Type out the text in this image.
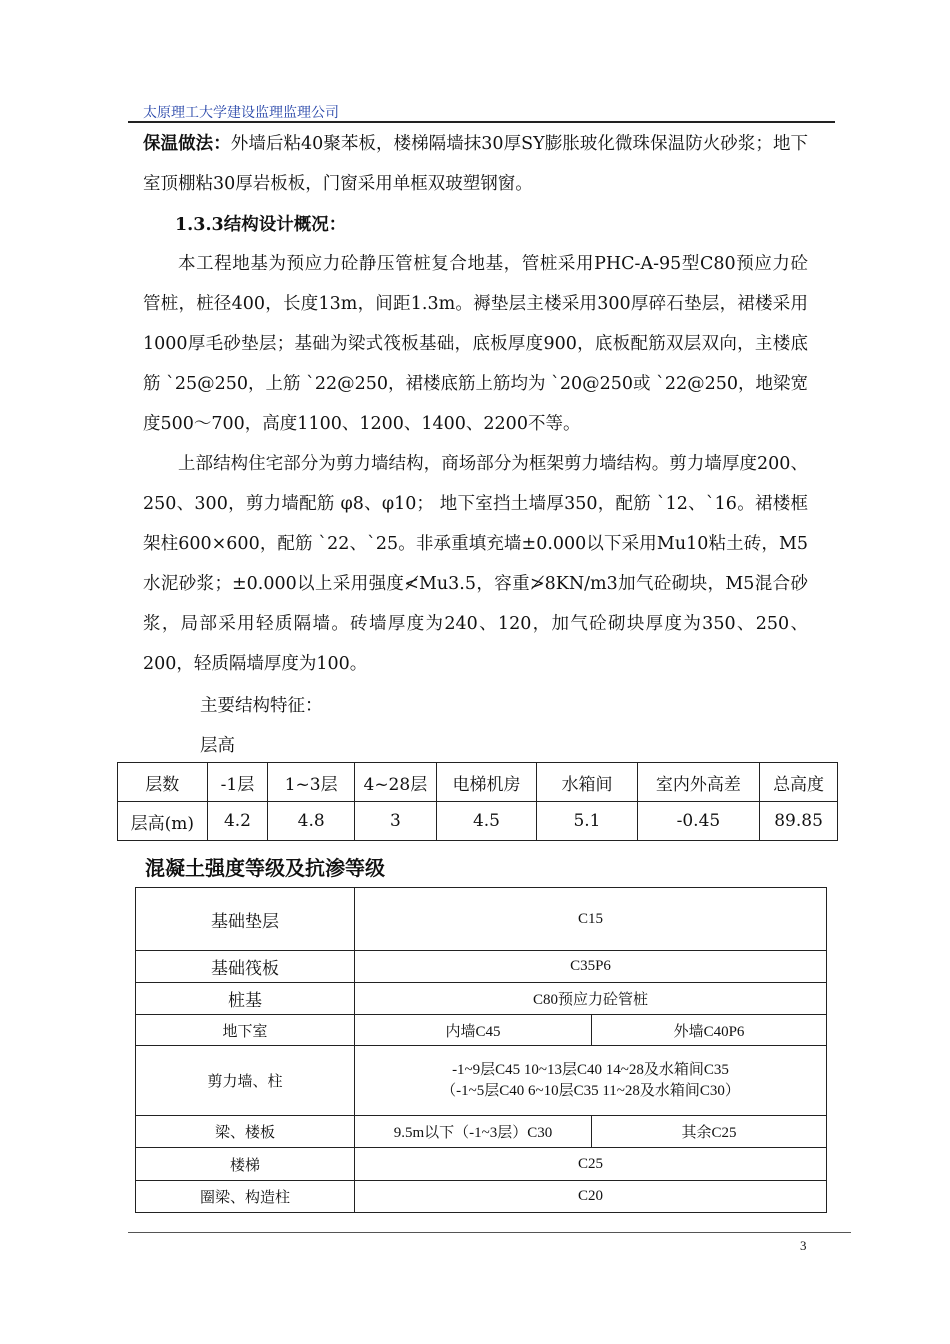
太原理工大学建设监理监理公司

保温做法：外墙后粘40聚苯板，楼梯隔墙抹30厚SY膨胀玻化微珠保温防火砂浆；地下室顶棚粘30厚岩板板，门窗采用单框双玻塑钢窗。

1.3.3结构设计概况：

本工程地基为预应力砼静压管桩复合地基，管桩采用PHC-A-95型C80预应力砼管桩，桩径400，长度13m，间距1.3m。褥垫层主楼采用300厚碎石垫层，裙楼采用1000厚毛砂垫层；基础为梁式筏板基础，底板厚度900，底板配筋双层双向，主楼底筋 `25@250，上筋 `22@250，裙楼底筋上筋均为 `20@250或 `22@250，地梁宽度500～700，高度1100、1200、1400、2200不等。

上部结构住宅部分为剪力墙结构，商场部分为框架剪力墙结构。剪力墙厚度200、250、300，剪力墙配筋 φ8、φ10； 地下室挡土墙厚350，配筋 `12、`16。裙楼框架柱600×600，配筋 `22、`25。非承重填充墙±0.000以下采用Mu10粘土砖，M5水泥砂浆；±0.000以上采用强度≮Mu3.5，容重≯8KN/m3加气砼砌块，M5混合砂浆，局部采用轻质隔墙。砖墙厚度为240、120，加气砼砌块厚度为350、250、200，轻质隔墙厚度为100。

主要结构特征：
层高
层数	-1层	1~3层	4~28层	电梯机房	水箱间	室内外高差	总高度
层高(m)	4.2	4.8	3	4.5	5.1	-0.45	89.85
混凝土强度等级及抗渗等级
基础垫层	C15	
基础筏板	C35P6	
桩基	C80预应力砼管桩	
地下室	内墙C45	外墙C40P6
剪力墙、柱	-1~9层C45 10~13层C40 14~28及水箱间C35
（-1~5层C40 6~10层C35 11~28及水箱间C30）	

梁、楼板	9.5m以下（-1~3层）C30	其余C25
楼梯	C25	
圈梁、构造柱	C20	
3
